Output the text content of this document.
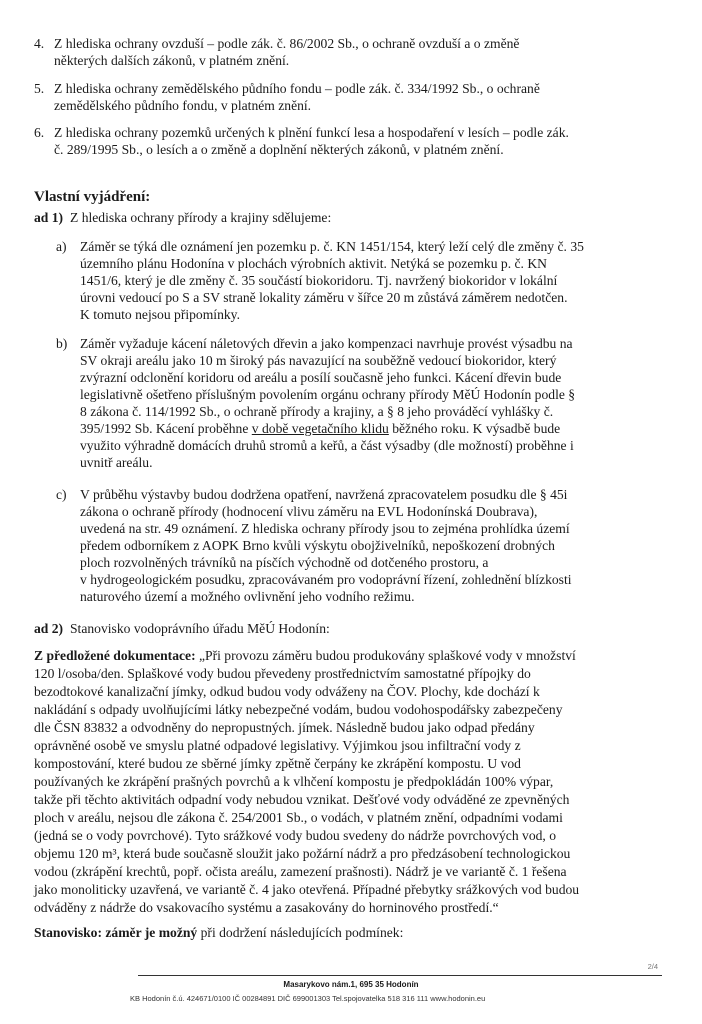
4. Z hlediska ochrany ovzduší – podle zák. č. 86/2002 Sb., o ochraně ovzduší a o změně
některých dalších zákonů, v platném znění.
5. Z hlediska ochrany zemědělského půdního fondu – podle zák. č. 334/1992 Sb., o ochraně
zemědělského půdního fondu, v platném znění.
6. Z hlediska ochrany pozemků určených k plnění funkcí lesa a hospodaření v lesích – podle zák.
č. 289/1995 Sb., o lesích a o změně a doplnění některých zákonů, v platném znění.
Vlastní vyjádření:
ad 1) Z hlediska ochrany přírody a krajiny sdělujeme:
a) Záměr se týká dle oznámení jen pozemku p. č. KN 1451/154, který leží celý dle změny č. 35
územního plánu Hodonína v plochách výrobních aktivit. Netýká se pozemku p. č. KN
1451/6, který je dle změny č. 35 součástí biokoridoru. Tj. navržený biokoridor v lokální
úrovni vedoucí po S a SV straně lokality záměru v šířce 20 m zůstává záměrem nedotčen.
K tomuto nejsou připomínky.
b) Záměr vyžaduje kácení náletových dřevin a jako kompenzaci navrhuje provést výsadbu na
SV okraji areálu jako 10 m široký pás navazující na souběžně vedoucí biokoridor, který
zvýrazní odclonění koridoru od areálu a posílí současně jeho funkci. Kácení dřevin bude
legislativně ošetřeno příslušným povolením orgánu ochrany přírody MěÚ Hodonín podle §
8 zákona č. 114/1992 Sb., o ochraně přírody a krajiny, a § 8 jeho prováděcí vyhlášky č.
395/1992 Sb. Kácení proběhne v době vegetačního klidu běžného roku. K výsadbě bude
využito výhradně domácích druhů stromů a keřů, a část výsadby (dle možností) proběhne i
uvnitř areálu.
c) V průběhu výstavby budou dodržena opatření, navržená zpracovatelem posudku dle § 45i
zákona o ochraně přírody (hodnocení vlivu záměru na EVL Hodonínská Doubrava),
uvedená na str. 49 oznámení. Z hlediska ochrany přírody jsou to zejména prohlídka území
předem odborníkem z AOPK Brno kvůli výskytu obojživelníků, nepoškození drobných
ploch rozvolněných trávníků na písčích východně od dotčeného prostoru, a
v hydrogeologickém posudku, zpracovávaném pro vodoprávní řízení, zohlednění blízkosti
naturového území a možného ovlivnění jeho vodního režimu.
ad 2) Stanovisko vodoprávního úřadu MěÚ Hodonín:
Z předložené dokumentace: „Při provozu záměru budou produkovány splaškové vody v množství
120 l/osoba/den. Splaškové vody budou převedeny prostřednictvím samostatné přípojky do
bezodtokové kanalizační jímky, odkud budou vody odváženy na ČOV. Plochy, kde dochází k
nakládání s odpady uvolňujícími látky nebezpečné vodám, budou vodohospodářsky zabezpečeny
dle ČSN 83832 a odvodněny do nepropustných. jímek. Následně budou jako odpad předány
oprávněné osobě ve smyslu platné odpadové legislativy. Výjimkou jsou infiltrační vody z
kompostování, které budou ze sběrné jímky zpětně čerpány ke zkrápění kompostu. U vod
používaných ke zkrápění prašných povrchů a k vlhčení kompostu je předpokládán 100% výpar,
takže při těchto aktivitách odpadní vody nebudou vznikat. Dešťové vody odváděné ze zpevněných
ploch v areálu, nejsou dle zákona č. 254/2001 Sb., o vodách, v platném znění, odpadními vodami
(jedná se o vody povrchové). Tyto srážkové vody budou svedeny do nádrže povrchových vod, o
objemu 120 m³, která bude současně sloužit jako požární nádrž a pro předzásobení technologickou
vodou (zkrápění krechtů, popř. očista areálu, zamezení prašnosti). Nádrž je ve variantě č. 1 řešena
jako monoliticky uzavřená, ve variantě č. 4 jako otevřená. Případné přebytky srážkových vod budou
odváděny z nádrže do vsakovacího systému a zasakovány do horninového prostředí.“
Stanovisko: záměr je možný při dodržení následujících podmínek:
2/4
Masarykovo nám.1, 695 35 Hodonín
KB Hodonín č.ú. 424671/0100 IČ 00284891 DIČ 699001303 Tel.spojovatelka 518 316 111 www.hodonin.eu
